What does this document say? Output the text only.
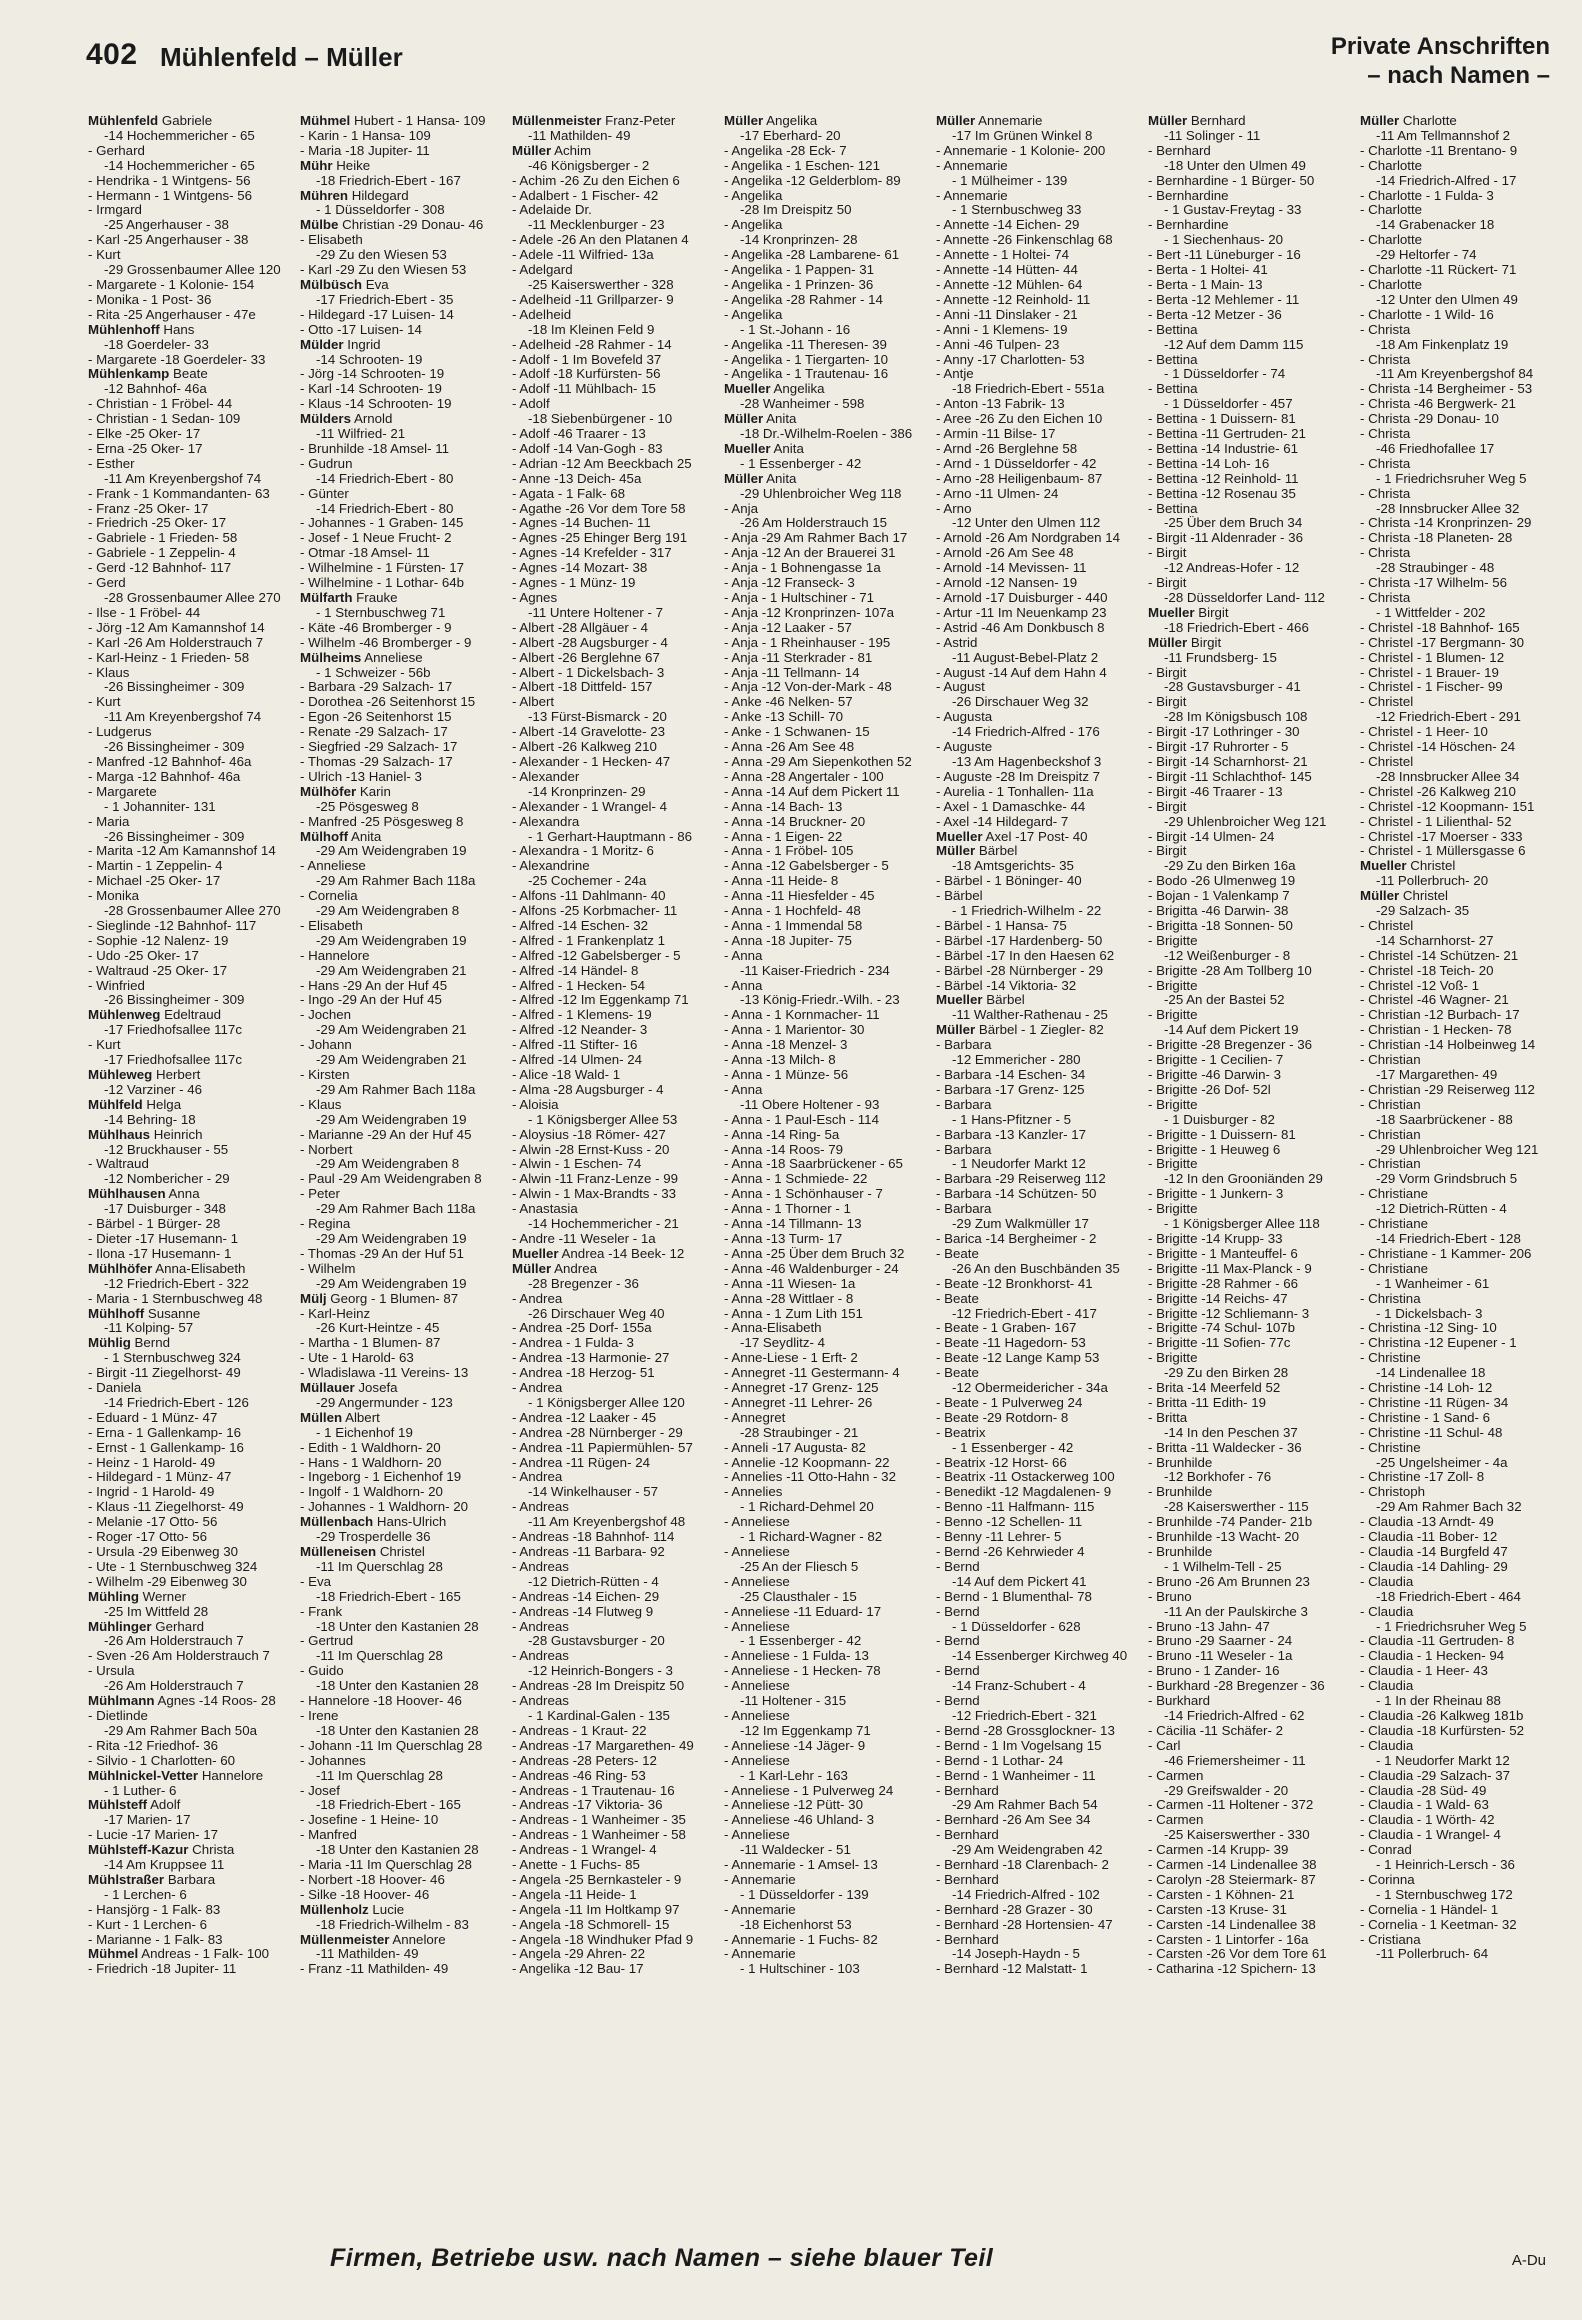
402 Mühlenfeld – Müller	Private Anschriften
– nach Namen –
Mühlenfeld Gabriele
-14 Hochemmericher - 65
- Gerhard
-14 Hochemmericher - 65
- Hendrika - 1 Wintgens- 56
- Hermann - 1 Wintgens- 56
- Irmgard
-25 Angerhauser - 38
- Karl -25 Angerhauser - 38
- Kurt
-29 Grossenbaumer Allee 120
- Margarete - 1 Kolonie- 154
- Monika - 1 Post- 36
- Rita -25 Angerhauser - 47e
Mühlenhoff Hans
-18 Goerdeler- 33
- Margarete -18 Goerdeler- 33
Mühlenkamp Beate
-12 Bahnhof- 46a
- Christian - 1 Fröbel- 44
- Christian - 1 Sedan- 109
- Elke -25 Oker- 17
- Erna -25 Oker- 17
- Esther
-11 Am Kreyenbergshof 74
- Frank - 1 Kommandanten- 63
- Franz -25 Oker- 17
- Friedrich -25 Oker- 17
- Gabriele - 1 Frieden- 58
- Gabriele - 1 Zeppelin- 4
- Gerd -12 Bahnhof- 117
- Gerd
-28 Grossenbaumer Allee 270
- Ilse - 1 Fröbel- 44
- Jörg -12 Am Kamannshof 14
- Karl -26 Am Holderstrauch 7
- Karl-Heinz - 1 Frieden- 58
- Klaus
-26 Bissingheimer - 309
- Kurt
-11 Am Kreyenbergshof 74
- Ludgerus
-26 Bissingheimer - 309
- Manfred -12 Bahnhof- 46a
- Marga -12 Bahnhof- 46a
- Margarete
- 1 Johanniter- 131
- Maria
-26 Bissingheimer - 309
- Marita -12 Am Kamannshof 14
- Martin - 1 Zeppelin- 4
- Michael -25 Oker- 17
- Monika
-28 Grossenbaumer Allee 270
- Sieglinde -12 Bahnhof- 117
- Sophie -12 Nalenz- 19
- Udo -25 Oker- 17
- Waltraud -25 Oker- 17
- Winfried
-26 Bissingheimer - 309
Mühlenweg Edeltraud
-17 Friedhofsallee 117c
- Kurt
-17 Friedhofsallee 117c
Mühleweg Herbert
-12 Varziner - 46
Mühlfeld Helga
-14 Behring- 18
Mühlhaus Heinrich
-12 Bruckhauser - 55
- Waltraud
-12 Nombericher - 29
Mühlhausen Anna
-17 Duisburger - 348
- Bärbel - 1 Bürger- 28
- Dieter -17 Husemann- 1
- Ilona -17 Husemann- 1
Mühlhöfer Anna-Elisabeth
-12 Friedrich-Ebert - 322
- Maria - 1 Sternbuschweg 48
Mühlhoff Susanne
-11 Kolping- 57
Mühlig Bernd
- 1 Sternbuschweg 324
- Birgit -11 Ziegelhorst- 49
- Daniela
-14 Friedrich-Ebert - 126
- Eduard - 1 Münz- 47
- Erna - 1 Gallenkamp- 16
- Ernst - 1 Gallenkamp- 16
- Heinz - 1 Harold- 49
- Hildegard - 1 Münz- 47
- Ingrid - 1 Harold- 49
- Klaus -11 Ziegelhorst- 49
- Melanie -17 Otto- 56
- Roger -17 Otto- 56
- Ursula -29 Eibenweg 30
- Ute - 1 Sternbuschweg 324
- Wilhelm -29 Eibenweg 30
Mühling Werner
-25 Im Wittfeld 28
Mühlinger Gerhard
-26 Am Holderstrauch 7
- Sven -26 Am Holderstrauch 7
- Ursula
-26 Am Holderstrauch 7
Mühlmann Agnes -14 Roos- 28
- Dietlinde
-29 Am Rahmer Bach 50a
- Rita -12 Friedhof- 36
- Silvio - 1 Charlotten- 60
Mühlnickel-Vetter Hannelore
- 1 Luther- 6
Mühlsteff Adolf
-17 Marien- 17
- Lucie -17 Marien- 17
Mühlsteff-Kazur Christa
-14 Am Kruppsee 11
Mühlstraßer Barbara
- 1 Lerchen- 6
- Hansjörg - 1 Falk- 83
- Kurt - 1 Lerchen- 6
- Marianne - 1 Falk- 83
Mühmel Andreas - 1 Falk- 100
- Friedrich -18 Jupiter- 11
Mühmel Hubert - 1 Hansa- 109
- Karin - 1 Hansa- 109
- Maria -18 Jupiter- 11
Mühr Heike
-18 Friedrich-Ebert - 167
Mühren Hildegard
- 1 Düsseldorfer - 308
Mülbe Christian -29 Donau- 46
- Elisabeth
-29 Zu den Wiesen 53
- Karl -29 Zu den Wiesen 53
Mülbüsch Eva
-17 Friedrich-Ebert - 35
- Hildegard -17 Luisen- 14
- Otto -17 Luisen- 14
Mülder Ingrid
-14 Schrooten- 19
- Jörg -14 Schrooten- 19
- Karl -14 Schrooten- 19
- Klaus -14 Schrooten- 19
Mülders Arnold
-11 Wilfried- 21
- Brunhilde -18 Amsel- 11
- Gudrun
-14 Friedrich-Ebert - 80
- Günter
-14 Friedrich-Ebert - 80
- Johannes - 1 Graben- 145
- Josef - 1 Neue Frucht- 2
- Otmar -18 Amsel- 11
- Wilhelmine - 1 Fürsten- 17
- Wilhelmine - 1 Lothar- 64b
Mülfarth Frauke
- 1 Sternbuschweg 71
- Käte -46 Bromberger - 9
- Wilhelm -46 Bromberger - 9
Mülheims Anneliese
- 1 Schweizer - 56b
- Barbara -29 Salzach- 17
- Dorothea -26 Seitenhorst 15
- Egon -26 Seitenhorst 15
- Renate -29 Salzach- 17
- Siegfried -29 Salzach- 17
- Thomas -29 Salzach- 17
- Ulrich -13 Haniel- 3
Mülhöfer Karin
-25 Pösgesweg 8
- Manfred -25 Pösgesweg 8
Mülhoff Anita
-29 Am Weidengraben 19
- Anneliese
-29 Am Rahmer Bach 118a
- Cornelia
-29 Am Weidengraben 8
- Elisabeth
-29 Am Weidengraben 19
- Hannelore
-29 Am Weidengraben 21
- Hans -29 An der Huf 45
- Ingo -29 An der Huf 45
- Jochen
-29 Am Weidengraben 21
- Johann
-29 Am Weidengraben 21
- Kirsten
-29 Am Rahmer Bach 118a
- Klaus
-29 Am Weidengraben 19
- Marianne -29 An der Huf 45
- Norbert
-29 Am Weidengraben 8
- Paul -29 Am Weidengraben 8
- Peter
-29 Am Rahmer Bach 118a
- Regina
-29 Am Weidengraben 19
- Thomas -29 An der Huf 51
- Wilhelm
-29 Am Weidengraben 19
Mülj Georg - 1 Blumen- 87
- Karl-Heinz
-26 Kurt-Heintze - 45
- Martha - 1 Blumen- 87
- Ute - 1 Harold- 63
- Wladislawa -11 Vereins- 13
Müllauer Josefa
-29 Angermunder - 123
Müllen Albert
- 1 Eichenhof 19
- Edith - 1 Waldhorn- 20
- Hans - 1 Waldhorn- 20
- Ingeborg - 1 Eichenhof 19
- Ingolf - 1 Waldhorn- 20
- Johannes - 1 Waldhorn- 20
Müllenbach Hans-Ulrich
-29 Trosperdelle 36
Mülleneisen Christel
-11 Im Querschlag 28
- Eva
-18 Friedrich-Ebert - 165
- Frank
-18 Unter den Kastanien 28
- Gertrud
-11 Im Querschlag 28
- Guido
-18 Unter den Kastanien 28
- Hannelore -18 Hoover- 46
- Irene
-18 Unter den Kastanien 28
- Johann -11 Im Querschlag 28
- Johannes
-11 Im Querschlag 28
- Josef
-18 Friedrich-Ebert - 165
- Josefine - 1 Heine- 10
- Manfred
-18 Unter den Kastanien 28
- Maria -11 Im Querschlag 28
- Norbert -18 Hoover- 46
- Silke -18 Hoover- 46
Müllenholz Lucie
-18 Friedrich-Wilhelm - 83
Müllenmeister Annelore
-11 Mathilden- 49
- Franz -11 Mathilden- 49
Müllenmeister Franz-Peter
-11 Mathilden- 49
Müller Achim
-46 Königsberger - 2
- Achim -26 Zu den Eichen 6
- Adalbert - 1 Fischer- 42
- Adelaide Dr.
-11 Mecklenburger - 23
- Adele -26 An den Platanen 4
- Adele -11 Wilfried- 13a
- Adelgard
-25 Kaiserswerther - 328
- Adelheid -11 Grillparzer- 9
- Adelheid
-18 Im Kleinen Feld 9
- Adelheid -28 Rahmer - 14
- Adolf - 1 Im Bovefeld 37
- Adolf -18 Kurfürsten- 56
- Adolf -11 Mühlbach- 15
- Adolf
-18 Siebenbürgener - 10
- Adolf -46 Traarer - 13
- Adolf -14 Van-Gogh - 83
- Adrian -12 Am Beeckbach 25
- Anne -13 Deich- 45a
- Agata - 1 Falk- 68
- Agathe -26 Vor dem Tore 58
- Agnes -14 Buchen- 11
- Agnes -25 Ehinger Berg 191
- Agnes -14 Krefelder - 317
- Agnes -14 Mozart- 38
- Agnes - 1 Münz- 19
- Agnes
-11 Untere Holtener - 7
- Albert -28 Allgäuer - 4
- Albert -28 Augsburger - 4
- Albert -26 Berglehne 67
- Albert - 1 Dickelsbach- 3
- Albert -18 Dittfeld- 157
- Albert
-13 Fürst-Bismarck - 20
- Albert -14 Gravelotte- 23
- Albert -26 Kalkweg 210
- Alexander - 1 Hecken- 47
- Alexander
-14 Kronprinzen- 29
- Alexander - 1 Wrangel- 4
- Alexandra
- 1 Gerhart-Hauptmann - 86
- Alexandra - 1 Moritz- 6
- Alexandrine
-25 Cochemer - 24a
- Alfons -11 Dahlmann- 40
- Alfons -25 Korbmacher- 11
- Alfred -14 Eschen- 32
- Alfred - 1 Frankenplatz 1
- Alfred -12 Gabelsberger - 5
- Alfred -14 Händel- 8
- Alfred - 1 Hecken- 54
- Alfred -12 Im Eggenkamp 71
- Alfred - 1 Klemens- 19
- Alfred -12 Neander- 3
- Alfred -11 Stifter- 16
- Alfred -14 Ulmen- 24
- Alice -18 Wald- 1
- Alma -28 Augsburger - 4
- Aloisia
- 1 Königsberger Allee 53
- Aloysius -18 Römer- 427
- Alwin -28 Ernst-Kuss - 20
- Alwin - 1 Eschen- 74
- Alwin -11 Franz-Lenze - 99
- Alwin - 1 Max-Brandts - 33
- Anastasia
-14 Hochemmericher - 21
- Andre -11 Weseler - 1a
Mueller Andrea -14 Beek- 12
Müller Andrea
-28 Bregenzer - 36
- Andrea
-26 Dirschauer Weg 40
- Andrea -25 Dorf- 155a
- Andrea - 1 Fulda- 3
- Andrea -13 Harmonie- 27
- Andrea -18 Herzog- 51
- Andrea
- 1 Königsberger Allee 120
- Andrea -12 Laaker - 45
- Andrea -28 Nürnberger - 29
- Andrea -11 Papiermühlen- 57
- Andrea -11 Rügen- 24
- Andrea
-14 Winkelhauser - 57
- Andreas
-11 Am Kreyenbergshof 48
- Andreas -18 Bahnhof- 114
- Andreas -11 Barbara- 92
- Andreas
-12 Dietrich-Rütten - 4
- Andreas -14 Eichen- 29
- Andreas -14 Flutweg 9
- Andreas
-28 Gustavsburger - 20
- Andreas
-12 Heinrich-Bongers - 3
- Andreas -28 Im Dreispitz 50
- Andreas
- 1 Kardinal-Galen - 135
- Andreas - 1 Kraut- 22
- Andreas -17 Margarethen- 49
- Andreas -28 Peters- 12
- Andreas -46 Ring- 53
- Andreas - 1 Trautenau- 16
- Andreas -17 Viktoria- 36
- Andreas - 1 Wanheimer - 35
- Andreas - 1 Wanheimer - 58
- Andreas - 1 Wrangel- 4
- Anette - 1 Fuchs- 85
- Angela -25 Bernkasteler - 9
- Angela -11 Heide- 1
- Angela -11 Im Holtkamp 97
- Angela -18 Schmorell- 15
- Angela -18 Windhuker Pfad 9
- Angela -29 Ahren- 22
- Angelika -12 Bau- 17
Müller Angelika
-17 Eberhard- 20
- Angelika -28 Eck- 7
- Angelika - 1 Eschen- 121
- Angelika -12 Gelderblom- 89
- Angelika
-28 Im Dreispitz 50
- Angelika
-14 Kronprinzen- 28
- Angelika -28 Lambarene- 61
- Angelika - 1 Pappen- 31
- Angelika - 1 Prinzen- 36
- Angelika -28 Rahmer - 14
- Angelika
- 1 St.-Johann - 16
- Angelika -11 Theresen- 39
- Angelika - 1 Tiergarten- 10
- Angelika - 1 Trautenau- 16
Mueller Angelika
-28 Wanheimer - 598
Müller Anita
-18 Dr.-Wilhelm-Roelen - 386
Mueller Anita
- 1 Essenberger - 42
Müller Anita
-29 Uhlenbroicher Weg 118
- Anja
-26 Am Holderstrauch 15
- Anja -29 Am Rahmer Bach 17
- Anja -12 An der Brauerei 31
- Anja - 1 Bohnengasse 1a
- Anja -12 Franseck- 3
- Anja - 1 Hultschiner - 71
- Anja -12 Kronprinzen- 107a
- Anja -12 Laaker - 57
- Anja - 1 Rheinhauser - 195
- Anja -11 Sterkrader - 81
- Anja -11 Tellmann- 14
- Anja -12 Von-der-Mark - 48
- Anke -46 Nelken- 57
- Anke -13 Schill- 70
- Anke - 1 Schwanen- 15
- Anna -26 Am See 48
- Anna -29 Am Siepenkothen 52
- Anna -28 Angertaler - 100
- Anna -14 Auf dem Pickert 11
- Anna -14 Bach- 13
- Anna -14 Bruckner- 20
- Anna - 1 Eigen- 22
- Anna - 1 Fröbel- 105
- Anna -12 Gabelsberger - 5
- Anna -11 Heide- 8
- Anna -11 Hiesfelder - 45
- Anna - 1 Hochfeld- 48
- Anna - 1 Immendal 58
- Anna -18 Jupiter- 75
- Anna
-11 Kaiser-Friedrich - 234
- Anna
-13 König-Friedr.-Wilh. - 23
- Anna - 1 Kornmacher- 11
- Anna - 1 Marientor- 30
- Anna -18 Menzel- 3
- Anna -13 Milch- 8
- Anna - 1 Münze- 56
- Anna
-11 Obere Holtener - 93
- Anna - 1 Paul-Esch - 114
- Anna -14 Ring- 5a
- Anna -14 Roos- 79
- Anna -18 Saarbrückener - 65
- Anna - 1 Schmiede- 22
- Anna - 1 Schönhauser - 7
- Anna - 1 Thorner - 1
- Anna -14 Tillmann- 13
- Anna -13 Turm- 17
- Anna -25 Über dem Bruch 32
- Anna -46 Waldenburger - 24
- Anna -11 Wiesen- 1a
- Anna -28 Wittlaer - 8
- Anna - 1 Zum Lith 151
- Anna-Elisabeth
-17 Seydlitz- 4
- Anne-Liese - 1 Erft- 2
- Annegret -11 Gestermann- 4
- Annegret -17 Grenz- 125
- Annegret -11 Lehrer- 26
- Annegret
-28 Straubinger - 21
- Anneli -17 Augusta- 82
- Annelie -12 Koopmann- 22
- Annelies -11 Otto-Hahn - 32
- Annelies
- 1 Richard-Dehmel 20
- Anneliese
- 1 Richard-Wagner - 82
- Anneliese
-25 An der Fliesch 5
- Anneliese
-25 Clausthaler - 15
- Anneliese -11 Eduard- 17
- Anneliese
- 1 Essenberger - 42
- Anneliese - 1 Fulda- 13
- Anneliese - 1 Hecken- 78
- Anneliese
-11 Holtener - 315
- Anneliese
-12 Im Eggenkamp 71
- Anneliese -14 Jäger- 9
- Anneliese
- 1 Karl-Lehr - 163
- Anneliese - 1 Pulverweg 24
- Anneliese -12 Pütt- 30
- Anneliese -46 Uhland- 3
- Anneliese
-11 Waldecker - 51
- Annemarie - 1 Amsel- 13
- Annemarie
- 1 Düsseldorfer - 139
- Annemarie
-18 Eichenhorst 53
- Annemarie - 1 Fuchs- 82
- Annemarie
- 1 Hultschiner - 103
Müller Annemarie
-17 Im Grünen Winkel 8
- Annemarie - 1 Kolonie- 200
- Annemarie
- 1 Mülheimer - 139
- Annemarie
- 1 Sternbuschweg 33
- Annette -14 Eichen- 29
- Annette -26 Finkenschlag 68
- Annette - 1 Holtei- 74
- Annette -14 Hütten- 44
- Annette -12 Mühlen- 64
- Annette -12 Reinhold- 11
- Anni -11 Dinslaker - 21
- Anni - 1 Klemens- 19
- Anni -46 Tulpen- 23
- Anny -17 Charlotten- 53
- Antje
-18 Friedrich-Ebert - 551a
- Anton -13 Fabrik- 13
- Aree -26 Zu den Eichen 10
- Armin -11 Bilse- 17
- Arnd -26 Berglehne 58
- Arnd - 1 Düsseldorfer - 42
- Arno -28 Heiligenbaum- 87
- Arno -11 Ulmen- 24
- Arno
-12 Unter den Ulmen 112
- Arnold -26 Am Nordgraben 14
- Arnold -26 Am See 48
- Arnold -14 Mevissen- 11
- Arnold -12 Nansen- 19
- Arnold -17 Duisburger - 440
- Artur -11 Im Neuenkamp 23
- Astrid -46 Am Donkbusch 8
- Astrid
-11 August-Bebel-Platz 2
- August -14 Auf dem Hahn 4
- August
-26 Dirschauer Weg 32
- Augusta
-14 Friedrich-Alfred - 176
- Auguste
-13 Am Hagenbeckshof 3
- Auguste -28 Im Dreispitz 7
- Aurelia - 1 Tonhallen- 11a
- Axel - 1 Damaschke- 44
- Axel -14 Hildegard- 7
Mueller Axel -17 Post- 40
Müller Bärbel
-18 Amtsgerichts- 35
- Bärbel - 1 Böninger- 40
- Bärbel
- 1 Friedrich-Wilhelm - 22
- Bärbel - 1 Hansa- 75
- Bärbel -17 Hardenberg- 50
- Bärbel -17 In den Haesen 62
- Bärbel -28 Nürnberger - 29
- Bärbel -14 Viktoria- 32
Mueller Bärbel
-11 Walther-Rathenau - 25
Müller Bärbel - 1 Ziegler- 82
- Barbara
-12 Emmericher - 280
- Barbara -14 Eschen- 34
- Barbara -17 Grenz- 125
- Barbara
- 1 Hans-Pfitzner - 5
- Barbara -13 Kanzler- 17
- Barbara
- 1 Neudorfer Markt 12
- Barbara -29 Reiserweg 112
- Barbara -14 Schützen- 50
- Barbara
-29 Zum Walkmüller 17
- Barica -14 Bergheimer - 2
- Beate
-26 An den Buschbänden 35
- Beate -12 Bronkhorst- 41
- Beate
-12 Friedrich-Ebert - 417
- Beate - 1 Graben- 167
- Beate -11 Hagedorn- 53
- Beate -12 Lange Kamp 53
- Beate
-12 Obermeidericher - 34a
- Beate - 1 Pulverweg 24
- Beate -29 Rotdorn- 8
- Beatrix
- 1 Essenberger - 42
- Beatrix -12 Horst- 66
- Beatrix -11 Ostackerweg 100
- Benedikt -12 Magdalenen- 9
- Benno -11 Halfmann- 115
- Benno -12 Schellen- 11
- Benny -11 Lehrer- 5
- Bernd -26 Kehrwieder 4
- Bernd
-14 Auf dem Pickert 41
- Bernd - 1 Blumenthal- 78
- Bernd
- 1 Düsseldorfer - 628
- Bernd
-14 Essenberger Kirchweg 40
- Bernd
-14 Franz-Schubert - 4
- Bernd
-12 Friedrich-Ebert - 321
- Bernd -28 Grossglockner- 13
- Bernd - 1 Im Vogelsang 15
- Bernd - 1 Lothar- 24
- Bernd - 1 Wanheimer - 11
- Bernhard
-29 Am Rahmer Bach 54
- Bernhard -26 Am See 34
- Bernhard
-29 Am Weidengraben 42
- Bernhard -18 Clarenbach- 2
- Bernhard
-14 Friedrich-Alfred - 102
- Bernhard -28 Grazer - 30
- Bernhard -28 Hortensien- 47
- Bernhard
-14 Joseph-Haydn - 5
- Bernhard -12 Malstatt- 1
Müller Bernhard
-11 Solinger - 11
- Bernhard
-18 Unter den Ulmen 49
- Bernhardine - 1 Bürger- 50
- Bernhardine
- 1 Gustav-Freytag - 33
- Bernhardine
- 1 Siechenhaus- 20
- Bert -11 Lüneburger - 16
- Berta - 1 Holtei- 41
- Berta - 1 Main- 13
- Berta -12 Mehlemer - 11
- Berta -12 Metzer - 36
- Bettina
-12 Auf dem Damm 115
- Bettina
- 1 Düsseldorfer - 74
- Bettina
- 1 Düsseldorfer - 457
- Bettina - 1 Duissern- 81
- Bettina -11 Gertruden- 21
- Bettina -14 Industrie- 61
- Bettina -14 Loh- 16
- Bettina -12 Reinhold- 11
- Bettina -12 Rosenau 35
- Bettina
-25 Über dem Bruch 34
- Birgit -11 Aldenrader - 36
- Birgit
-12 Andreas-Hofer - 12
- Birgit
-28 Düsseldorfer Land- 112
Mueller Birgit
-18 Friedrich-Ebert - 466
Müller Birgit
-11 Frundsberg- 15
- Birgit
-28 Gustavsburger - 41
- Birgit
-28 Im Königsbusch 108
- Birgit -17 Lothringer - 30
- Birgit -17 Ruhrorter - 5
- Birgit -14 Scharnhorst- 21
- Birgit -11 Schlachthof- 145
- Birgit -46 Traarer - 13
- Birgit
-29 Uhlenbroicher Weg 121
- Birgit -14 Ulmen- 24
- Birgit
-29 Zu den Birken 16a
- Bodo -26 Ulmenweg 19
- Bojan - 1 Valenkamp 7
- Brigitta -46 Darwin- 38
- Brigitta -18 Sonnen- 50
- Brigitte
-12 Weißenburger - 8
- Brigitte -28 Am Tollberg 10
- Brigitte
-25 An der Bastei 52
- Brigitte
-14 Auf dem Pickert 19
- Brigitte -28 Bregenzer - 36
- Brigitte - 1 Cecilien- 7
- Brigitte -46 Darwin- 3
- Brigitte -26 Dof- 52l
- Brigitte
- 1 Duisburger - 82
- Brigitte - 1 Duissern- 81
- Brigitte - 1 Heuweg 6
- Brigitte
-12 In den Grooniänden 29
- Brigitte - 1 Junkern- 3
- Brigitte
- 1 Königsberger Allee 118
- Brigitte -14 Krupp- 33
- Brigitte - 1 Manteuffel- 6
- Brigitte -11 Max-Planck - 9
- Brigitte -28 Rahmer - 66
- Brigitte -14 Reichs- 47
- Brigitte -12 Schliemann- 3
- Brigitte -74 Schul- 107b
- Brigitte -11 Sofien- 77c
- Brigitte
-29 Zu den Birken 28
- Brita -14 Meerfeld 52
- Britta -11 Edith- 19
- Britta
-14 In den Peschen 37
- Britta -11 Waldecker - 36
- Brunhilde
-12 Borkhofer - 76
- Brunhilde
-28 Kaiserswerther - 115
- Brunhilde -74 Pander- 21b
- Brunhilde -13 Wacht- 20
- Brunhilde
- 1 Wilhelm-Tell - 25
- Bruno -26 Am Brunnen 23
- Bruno
-11 An der Paulskirche 3
- Bruno -13 Jahn- 47
- Bruno -29 Saarner - 24
- Bruno -11 Weseler - 1a
- Bruno - 1 Zander- 16
- Burkhard -28 Bregenzer - 36
- Burkhard
-14 Friedrich-Alfred - 62
- Cäcilia -11 Schäfer- 2
- Carl
-46 Friemersheimer - 11
- Carmen
-29 Greifswalder - 20
- Carmen -11 Holtener - 372
- Carmen
-25 Kaiserswerther - 330
- Carmen -14 Krupp- 39
- Carmen -14 Lindenallee 38
- Carolyn -28 Steiermark- 87
- Carsten - 1 Köhnen- 21
- Carsten -13 Kruse- 31
- Carsten -14 Lindenallee 38
- Carsten - 1 Lintorfer - 16a
- Carsten -26 Vor dem Tore 61
- Catharina -12 Spichern- 13
Müller Charlotte
-11 Am Tellmannshof 2
- Charlotte -11 Brentano- 9
- Charlotte
-14 Friedrich-Alfred - 17
- Charlotte - 1 Fulda- 3
- Charlotte
-14 Grabenacker 18
- Charlotte
-29 Heltorfer - 74
- Charlotte -11 Rückert- 71
- Charlotte
-12 Unter den Ulmen 49
- Charlotte - 1 Wild- 16
- Christa
-18 Am Finkenplatz 19
- Christa
-11 Am Kreyenbergshof 84
- Christa -14 Bergheimer - 53
- Christa -46 Bergwerk- 21
- Christa -29 Donau- 10
- Christa
-46 Friedhofallee 17
- Christa
- 1 Friedrichsruher Weg 5
- Christa
-28 Innsbrucker Allee 32
- Christa -14 Kronprinzen- 29
- Christa -18 Planeten- 28
- Christa
-28 Straubinger - 48
- Christa -17 Wilhelm- 56
- Christa
- 1 Wittfelder - 202
- Christel -18 Bahnhof- 165
- Christel -17 Bergmann- 30
- Christel - 1 Blumen- 12
- Christel - 1 Brauer- 19
- Christel - 1 Fischer- 99
- Christel
-12 Friedrich-Ebert - 291
- Christel - 1 Heer- 10
- Christel -14 Höschen- 24
- Christel
-28 Innsbrucker Allee 34
- Christel -26 Kalkweg 210
- Christel -12 Koopmann- 151
- Christel - 1 Lilienthal- 52
- Christel -17 Moerser - 333
- Christel - 1 Müllersgasse 6
Mueller Christel
-11 Pollerbruch- 20
Müller Christel
-29 Salzach- 35
- Christel
-14 Scharnhorst- 27
- Christel -14 Schützen- 21
- Christel -18 Teich- 20
- Christel -12 Voß- 1
- Christel -46 Wagner- 21
- Christian -12 Burbach- 17
- Christian - 1 Hecken- 78
- Christian -14 Holbeinweg 14
- Christian
-17 Margarethen- 49
- Christian -29 Reiserweg 112
- Christian
-18 Saarbrückener - 88
- Christian
-29 Uhlenbroicher Weg 121
- Christian
-29 Vorm Grindsbruch 5
- Christiane
-12 Dietrich-Rütten - 4
- Christiane
-14 Friedrich-Ebert - 128
- Christiane - 1 Kammer- 206
- Christiane
- 1 Wanheimer - 61
- Christina
- 1 Dickelsbach- 3
- Christina -12 Sing- 10
- Christina -12 Eupener - 1
- Christine
-14 Lindenallee 18
- Christine -14 Loh- 12
- Christine -11 Rügen- 34
- Christine - 1 Sand- 6
- Christine -11 Schul- 48
- Christine
-25 Ungelsheimer - 4a
- Christine -17 Zoll- 8
- Christoph
-29 Am Rahmer Bach 32
- Claudia -13 Arndt- 49
- Claudia -11 Bober- 12
- Claudia -14 Burgfeld 47
- Claudia -14 Dahling- 29
- Claudia
-18 Friedrich-Ebert - 464
- Claudia
- 1 Friedrichsruher Weg 5
- Claudia -11 Gertruden- 8
- Claudia - 1 Hecken- 94
- Claudia - 1 Heer- 43
- Claudia
- 1 In der Rheinau 88
- Claudia -26 Kalkweg 181b
- Claudia -18 Kurfürsten- 52
- Claudia
- 1 Neudorfer Markt 12
- Claudia -29 Salzach- 37
- Claudia -28 Süd- 49
- Claudia - 1 Wald- 63
- Claudia - 1 Wörth- 42
- Claudia - 1 Wrangel- 4
- Conrad
- 1 Heinrich-Lersch - 36
- Corinna
- 1 Sternbuschweg 172
- Cornelia - 1 Händel- 1
- Cornelia - 1 Keetman- 32
- Cristiana
-11 Pollerbruch- 64
Firmen, Betriebe usw. nach Namen – siehe blauer Teil	A-Du
